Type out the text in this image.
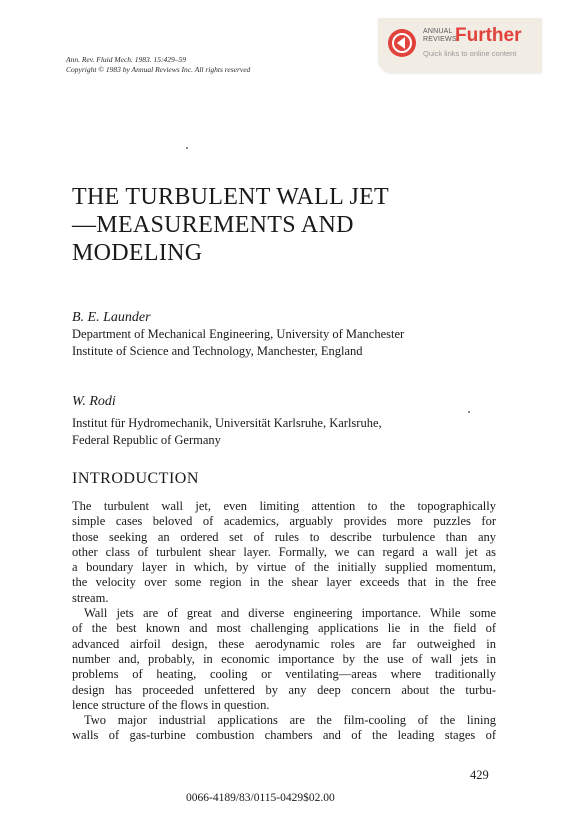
ANNUAL
REVIEWS
Further
Quick links to online content
Ann. Rev. Fluid Mech. 1983. 15:429–59
Copyright © 1983 by Annual Reviews Inc. All rights reserved
THE TURBULENT WALL JET
—MEASUREMENTS AND
MODELING
B. E. Launder
Department of Mechanical Engineering, University of Manchester
Institute of Science and Technology, Manchester, England
W. Rodi
Institut für Hydromechanik, Universität Karlsruhe, Karlsruhe,
Federal Republic of Germany
INTRODUCTION
The turbulent wall jet, even limiting attention to the topographically
simple cases beloved of academics, arguably provides more puzzles for
those seeking an ordered set of rules to describe turbulence than any
other class of turbulent shear layer. Formally, we can regard a wall jet as
a boundary layer in which, by virtue of the initially supplied momentum,
the velocity over some region in the shear layer exceeds that in the free
stream.
Wall jets are of great and diverse engineering importance. While some
of the best known and most challenging applications lie in the field of
advanced airfoil design, these aerodynamic roles are far outweighed in
number and, probably, in economic importance by the use of wall jets in
problems of heating, cooling or ventilating—areas where traditionally
design has proceeded unfettered by any deep concern about the turbu-
lence structure of the flows in question.
Two major industrial applications are the film-cooling of the lining
walls of gas-turbine combustion chambers and of the leading stages of
429
0066-4189/83/0115-0429$02.00
